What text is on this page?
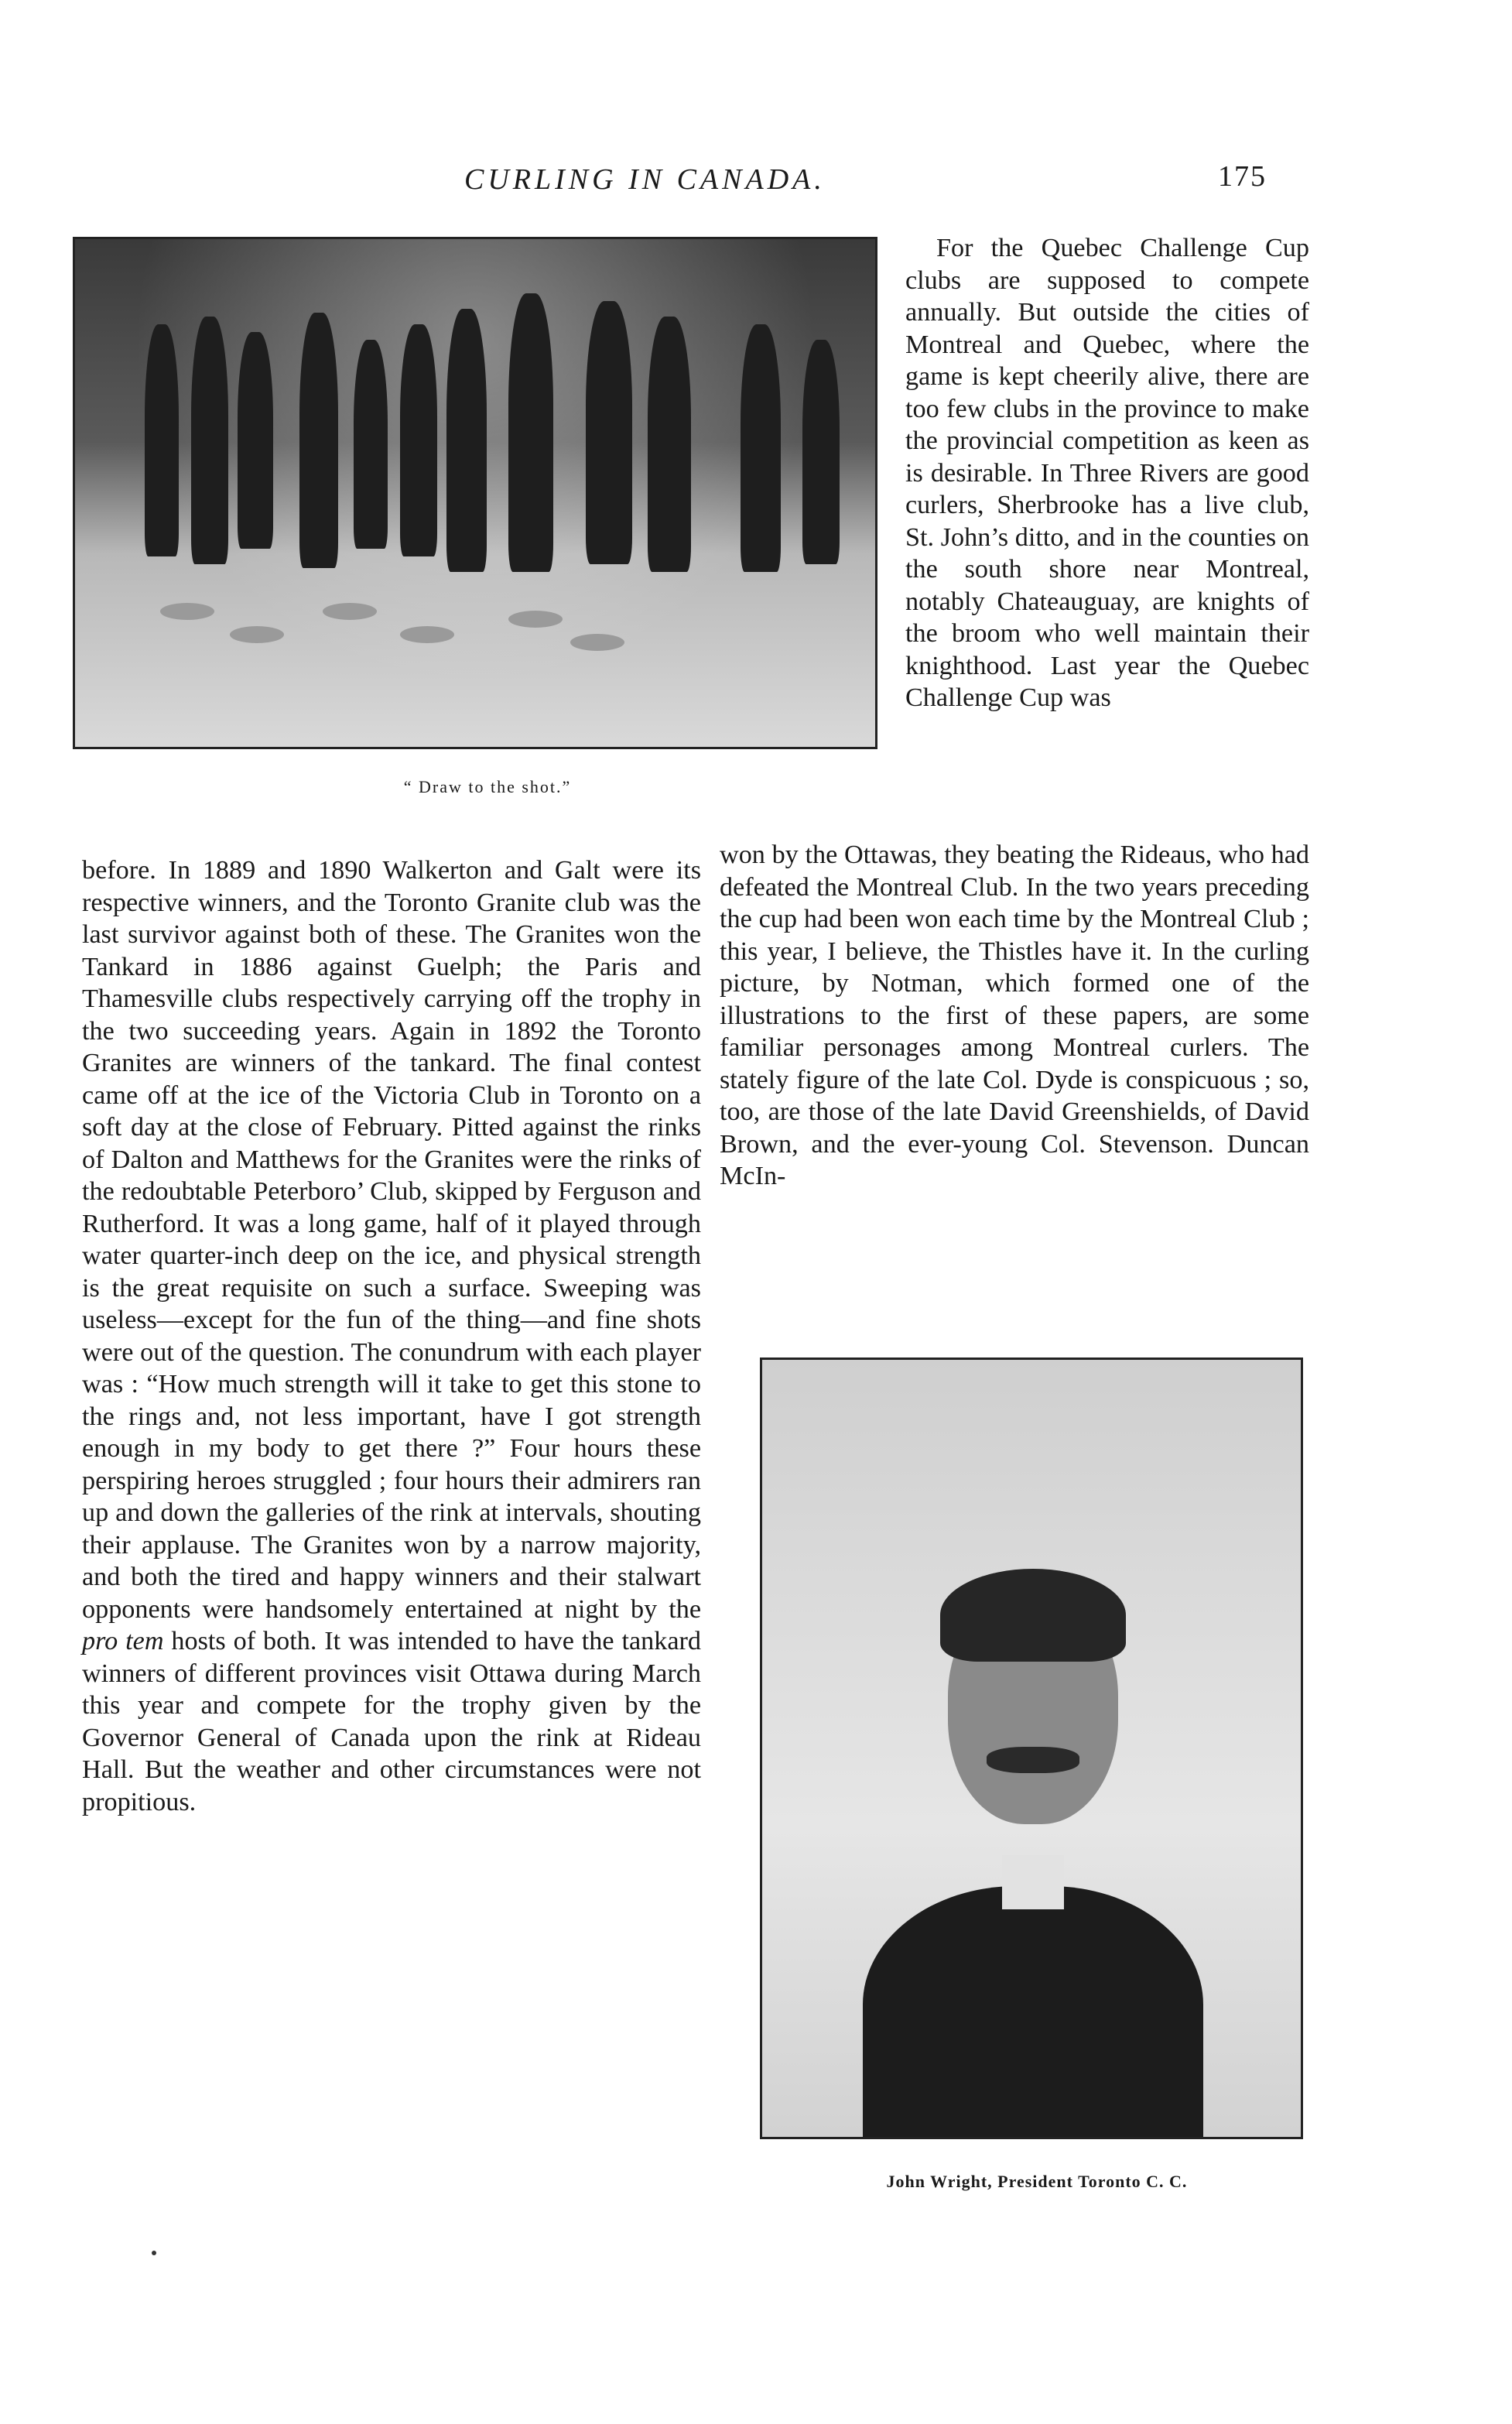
CURLING IN CANADA.	175
“ Draw to the shot.”

For the Quebec Challenge Cup clubs are supposed to compete annually. But outside the cities of Montreal and Quebec, where the game is kept cheerily alive, there are too few clubs in the province to make the provincial competition as keen as is desirable. In Three Rivers are good curlers, Sherbrooke has a live club, St. John’s ditto, and in the counties on the south shore near Montreal, notably Chateauguay, are knights of the broom who well maintain their knighthood. Last year the Quebec Challenge Cup was

won by the Ottawas, they beating the Rideaus, who had defeated the Montreal Club. In the two years preceding the cup had been won each time by the Montreal Club ; this year, I believe, the Thistles have it. In the curling picture, by Notman, which formed one of the illustrations to the first of these papers, are some familiar personages among Montreal curlers. The stately figure of the late Col. Dyde is conspicuous ; so, too, are those of the late David Greenshields, of David Brown, and the ever-young Col. Stevenson. Duncan McIn-

before. In 1889 and 1890 Walkerton and Galt were its respective winners, and the Toronto Granite club was the last survivor against both of these. The Granites won the Tankard in 1886 against Guelph; the Paris and Thamesville clubs respectively carrying off the trophy in the two succeeding years. Again in 1892 the Toronto Granites are winners of the tankard. The final contest came off at the ice of the Victoria Club in Toronto on a soft day at the close of February. Pitted against the rinks of Dalton and Matthews for the Granites were the rinks of the redoubtable Peterboro’ Club, skipped by Ferguson and Rutherford. It was a long game, half of it played through water quarter-inch deep on the ice, and physical strength is the great requisite on such a surface. Sweeping was useless—except for the fun of the thing—and fine shots were out of the question. The conundrum with each player was : “How much strength will it take to get this stone to the rings and, not less important, have I got strength enough in my body to get there ?” Four hours these perspiring heroes struggled ; four hours their admirers ran up and down the galleries of the rink at intervals, shouting their applause. The Granites won by a narrow majority, and both the tired and happy winners and their stalwart opponents were handsomely entertained at night by the pro tem hosts of both. It was intended to have the tankard winners of different provinces visit Ottawa during March this year and compete for the trophy given by the Governor General of Canada upon the rink at Rideau Hall. But the weather and other circumstances were not propitious.

John Wright, President Toronto C. C.
